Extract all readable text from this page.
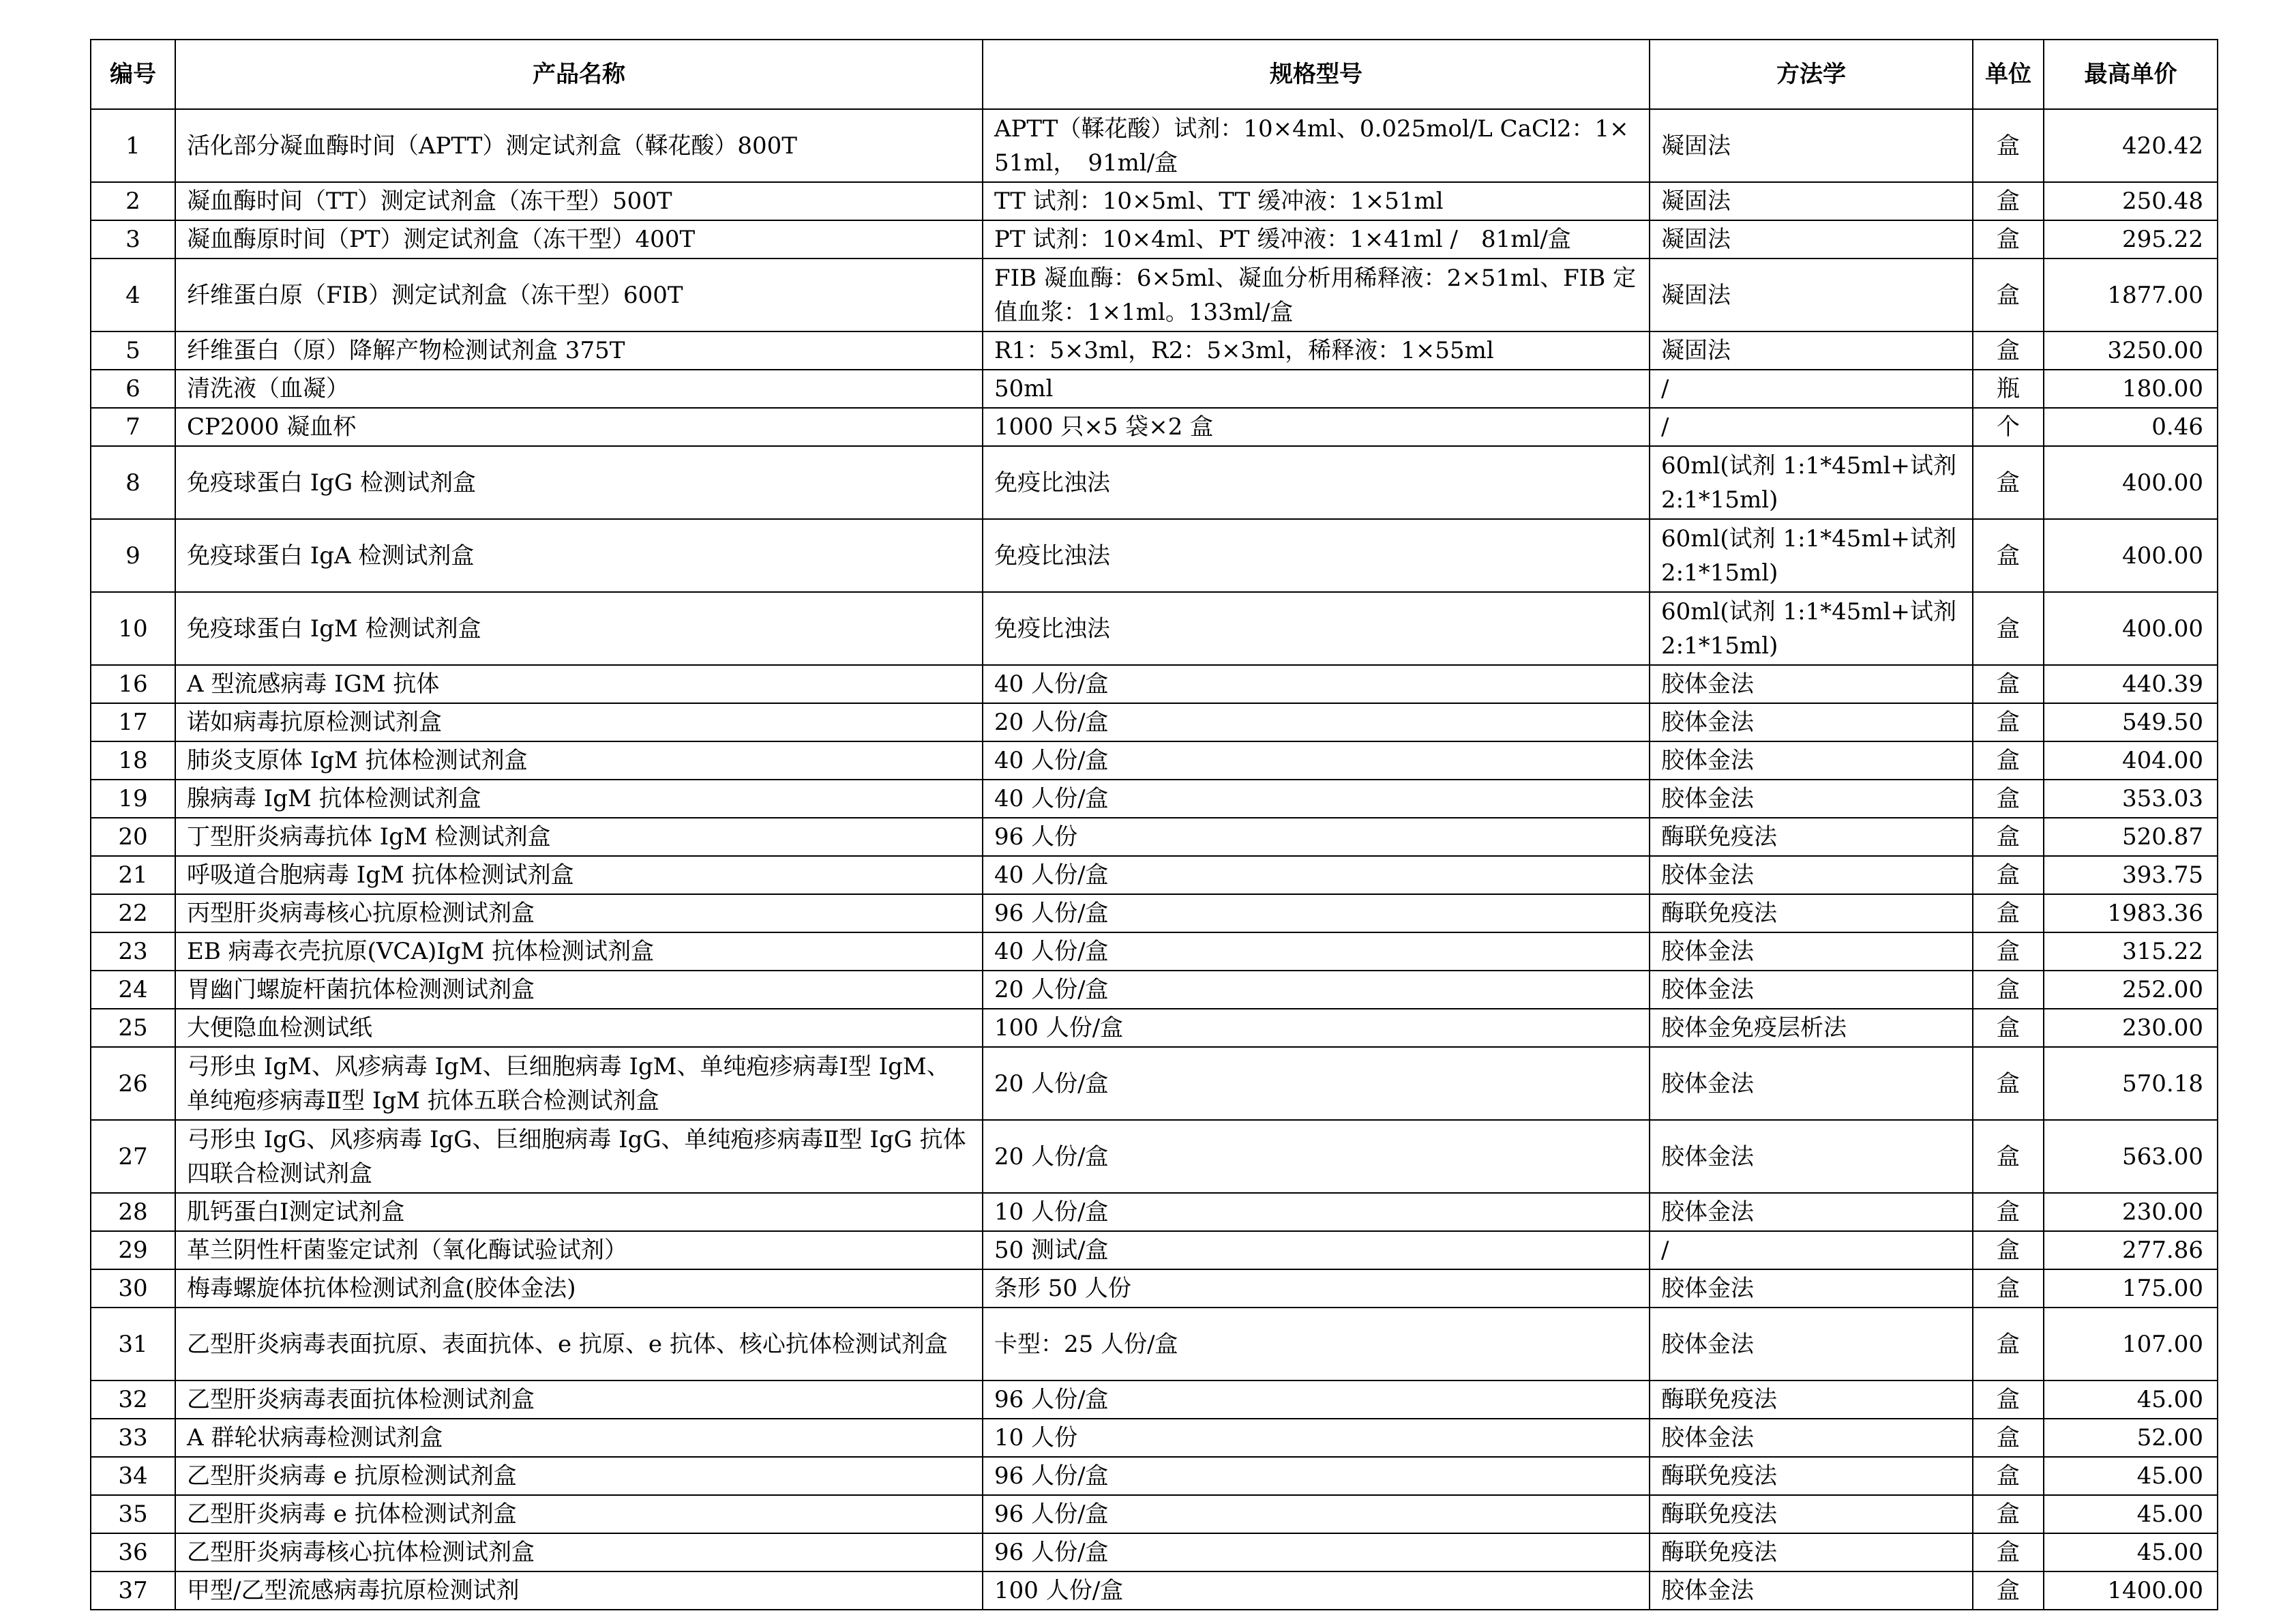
编号	产品名称	规格型号	方法学	单位	最高单价
1	活化部分凝血酶时间（APTT）测定试剂盒（鞣花酸）800T	APTT（鞣花酸）试剂：10×4ml、0.025mol/L CaCl2：1×51ml，　91ml/盒	凝固法	盒	420.42
2	凝血酶时间（TT）测定试剂盒（冻干型）500T	TT 试剂：10×5ml、TT 缓冲液：1×51ml	凝固法	盒	250.48
3	凝血酶原时间（PT）测定试剂盒（冻干型）400T	PT 试剂：10×4ml、PT 缓冲液：1×41ml /　81ml/盒	凝固法	盒	295.22
4	纤维蛋白原（FIB）测定试剂盒（冻干型）600T	FIB 凝血酶：6×5ml、凝血分析用稀释液：2×51ml、FIB 定值血浆：1×1ml。133ml/盒	凝固法	盒	1877.00
5	纤维蛋白（原）降解产物检测试剂盒 375T	R1：5×3ml，R2：5×3ml，稀释液：1×55ml	凝固法	盒	3250.00
6	清洗液（血凝）	50ml	/	瓶	180.00
7	CP2000 凝血杯	1000 只×5 袋×2 盒	/	个	0.46
8	免疫球蛋白 IgG 检测试剂盒	免疫比浊法	60ml(试剂 1:1*45ml+试剂 2:1*15ml)	盒	400.00
9	免疫球蛋白 IgA 检测试剂盒	免疫比浊法	60ml(试剂 1:1*45ml+试剂 2:1*15ml)	盒	400.00
10	免疫球蛋白 IgM 检测试剂盒	免疫比浊法	60ml(试剂 1:1*45ml+试剂 2:1*15ml)	盒	400.00
16	A 型流感病毒 IGM 抗体	40 人份/盒	胶体金法	盒	440.39
17	诺如病毒抗原检测试剂盒	20 人份/盒	胶体金法	盒	549.50
18	肺炎支原体 IgM 抗体检测试剂盒	40 人份/盒	胶体金法	盒	404.00
19	腺病毒 IgM 抗体检测试剂盒	40 人份/盒	胶体金法	盒	353.03
20	丁型肝炎病毒抗体 IgM 检测试剂盒	96 人份	酶联免疫法	盒	520.87
21	呼吸道合胞病毒 IgM 抗体检测试剂盒	40 人份/盒	胶体金法	盒	393.75
22	丙型肝炎病毒核心抗原检测试剂盒	96 人份/盒	酶联免疫法	盒	1983.36
23	EB 病毒衣壳抗原(VCA)IgM 抗体检测试剂盒	40 人份/盒	胶体金法	盒	315.22
24	胃幽门螺旋杆菌抗体检测测试剂盒	20 人份/盒	胶体金法	盒	252.00
25	大便隐血检测试纸	100 人份/盒	胶体金免疫层析法	盒	230.00
26	弓形虫 IgM、风疹病毒 IgM、巨细胞病毒 IgM、单纯疱疹病毒Ⅰ型 IgM、单纯疱疹病毒Ⅱ型 IgM 抗体五联合检测试剂盒	20 人份/盒	胶体金法	盒	570.18
27	弓形虫 IgG、风疹病毒 IgG、巨细胞病毒 IgG、单纯疱疹病毒Ⅱ型 IgG 抗体四联合检测试剂盒	20 人份/盒	胶体金法	盒	563.00
28	肌钙蛋白Ⅰ测定试剂盒	10 人份/盒	胶体金法	盒	230.00
29	革兰阴性杆菌鉴定试剂（氧化酶试验试剂）	50 测试/盒	/	盒	277.86
30	梅毒螺旋体抗体检测试剂盒(胶体金法)	条形 50 人份	胶体金法	盒	175.00
31	乙型肝炎病毒表面抗原、表面抗体、e 抗原、e 抗体、核心抗体检测试剂盒	卡型：25 人份/盒	胶体金法	盒	107.00
32	乙型肝炎病毒表面抗体检测试剂盒	96 人份/盒	酶联免疫法	盒	45.00
33	A 群轮状病毒检测试剂盒	10 人份	胶体金法	盒	52.00
34	乙型肝炎病毒 e 抗原检测试剂盒	96 人份/盒	酶联免疫法	盒	45.00
35	乙型肝炎病毒 e 抗体检测试剂盒	96 人份/盒	酶联免疫法	盒	45.00
36	乙型肝炎病毒核心抗体检测试剂盒	96 人份/盒	酶联免疫法	盒	45.00
37	甲型/乙型流感病毒抗原检测试剂	100 人份/盒	胶体金法	盒	1400.00
